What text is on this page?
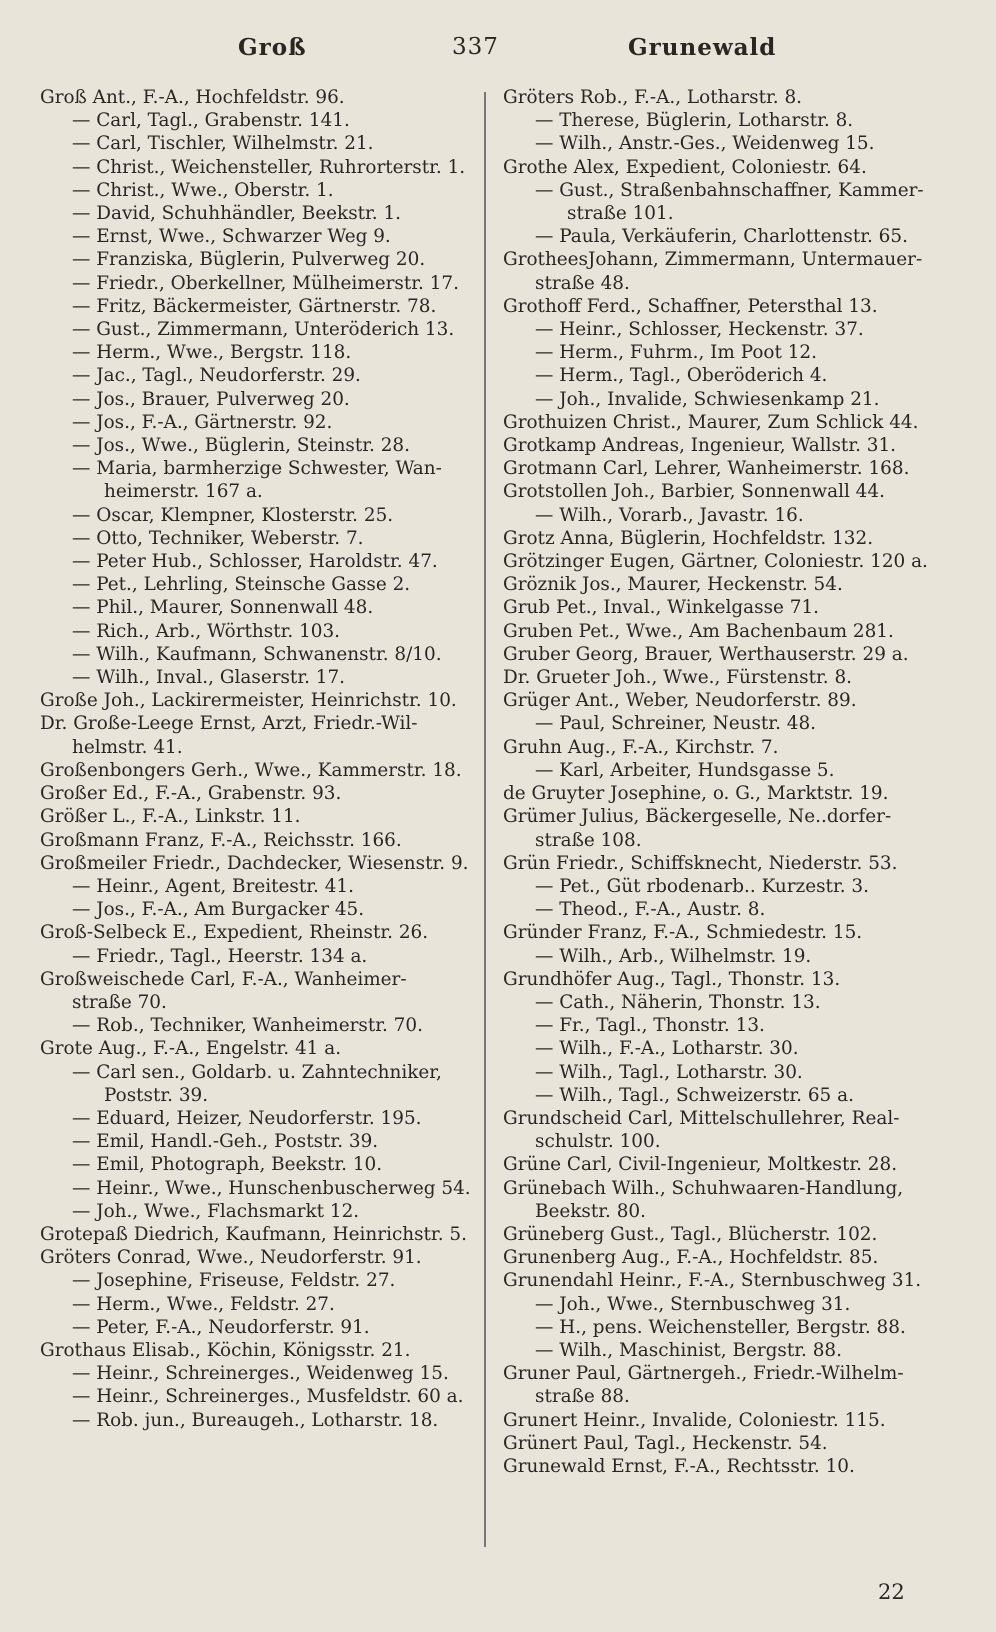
Groß	337	Grunewald

Groß Ant., F.-A., Hochfeldstr. 96.

— Carl, Tagl., Grabenstr. 141.

— Carl, Tischler, Wilhelmstr. 21.

— Christ., Weichensteller, Ruhrorterstr. 1.

— Christ., Wwe., Oberstr. 1.

— David, Schuhhändler, Beekstr. 1.

— Ernst, Wwe., Schwarzer Weg 9.

— Franziska, Büglerin, Pulverweg 20.

— Friedr., Oberkellner, Mülheimerstr. 17.

— Fritz, Bäckermeister, Gärtnerstr. 78.

— Gust., Zimmermann, Unteröderich 13.

— Herm., Wwe., Bergstr. 118.

— Jac., Tagl., Neudorferstr. 29.

— Jos., Brauer, Pulverweg 20.

— Jos., F.-A., Gärtnerstr. 92.

— Jos., Wwe., Büglerin, Steinstr. 28.

— Maria, barmherzige Schwester, Wan-
heimerstr. 167 a.

— Oscar, Klempner, Klosterstr. 25.

— Otto, Techniker, Weberstr. 7.

— Peter Hub., Schlosser, Haroldstr. 47.

— Pet., Lehrling, Steinsche Gasse 2.

— Phil., Maurer, Sonnenwall 48.

— Rich., Arb., Wörthstr. 103.

— Wilh., Kaufmann, Schwanenstr. 8/10.

— Wilh., Inval., Glaserstr. 17.

Große Joh., Lackirermeister, Heinrichstr. 10.

Dr. Große-Leege Ernst, Arzt, Friedr.-Wil-
helmstr. 41.

Großenbongers Gerh., Wwe., Kammerstr. 18.

Großer Ed., F.-A., Grabenstr. 93.

Größer L., F.-A., Linkstr. 11.

Großmann Franz, F.-A., Reichsstr. 166.

Großmeiler Friedr., Dachdecker, Wiesenstr. 9.

— Heinr., Agent, Breitestr. 41.

— Jos., F.-A., Am Burgacker 45.

Groß-Selbeck E., Expedient, Rheinstr. 26.

— Friedr., Tagl., Heerstr. 134 a.

Großweischede Carl, F.-A., Wanheimer-
straße 70.

— Rob., Techniker, Wanheimerstr. 70.

Grote Aug., F.-A., Engelstr. 41 a.

— Carl sen., Goldarb. u. Zahntechniker,
Poststr. 39.

— Eduard, Heizer, Neudorferstr. 195.

— Emil, Handl.-Geh., Poststr. 39.

— Emil, Photograph, Beekstr. 10.

— Heinr., Wwe., Hunschenbuscherweg 54.

— Joh., Wwe., Flachsmarkt 12.

Grotepaß Diedrich, Kaufmann, Heinrichstr. 5.

Gröters Conrad, Wwe., Neudorferstr. 91.

— Josephine, Friseuse, Feldstr. 27.

— Herm., Wwe., Feldstr. 27.

— Peter, F.-A., Neudorferstr. 91.

Grothaus Elisab., Köchin, Königsstr. 21.

— Heinr., Schreinerges., Weidenweg 15.

— Heinr., Schreinerges., Musfeldstr. 60 a.

— Rob. jun., Bureaugeh., Lotharstr. 18.

Gröters Rob., F.-A., Lotharstr. 8.

— Therese, Büglerin, Lotharstr. 8.

— Wilh., Anstr.-Ges., Weidenweg 15.

Grothe Alex, Expedient, Coloniestr. 64.

— Gust., Straßenbahnschaffner, Kammer-
straße 101.

— Paula, Verkäuferin, Charlottenstr. 65.

GrotheesJohann, Zimmermann, Untermauer-
straße 48.

Grothoff Ferd., Schaffner, Petersthal 13.

— Heinr., Schlosser, Heckenstr. 37.

— Herm., Fuhrm., Im Poot 12.

— Herm., Tagl., Oberöderich 4.

— Joh., Invalide, Schwiesenkamp 21.

Grothuizen Christ., Maurer, Zum Schlick 44.

Grotkamp Andreas, Ingenieur, Wallstr. 31.

Grotmann Carl, Lehrer, Wanheimerstr. 168.

Grotstollen Joh., Barbier, Sonnenwall 44.

— Wilh., Vorarb., Javastr. 16.

Grotz Anna, Büglerin, Hochfeldstr. 132.

Grötzinger Eugen, Gärtner, Coloniestr. 120 a.

Gröznik Jos., Maurer, Heckenstr. 54.

Grub Pet., Inval., Winkelgasse 71.

Gruben Pet., Wwe., Am Bachenbaum 281.

Gruber Georg, Brauer, Werthauserstr. 29 a.

Dr. Grueter Joh., Wwe., Fürstenstr. 8.

Grüger Ant., Weber, Neudorferstr. 89.

— Paul, Schreiner, Neustr. 48.

Gruhn Aug., F.-A., Kirchstr. 7.

— Karl, Arbeiter, Hundsgasse 5.

de Gruyter Josephine, o. G., Marktstr. 19.

Grümer Julius, Bäckergeselle, Ne..dorfer-
straße 108.

Grün Friedr., Schiffsknecht, Niederstr. 53.

— Pet., Güt rbodenarb.. Kurzestr. 3.

— Theod., F.-A., Austr. 8.

Gründer Franz, F.-A., Schmiedestr. 15.

— Wilh., Arb., Wilhelmstr. 19.

Grundhöfer Aug., Tagl., Thonstr. 13.

— Cath., Näherin, Thonstr. 13.

— Fr., Tagl., Thonstr. 13.

— Wilh., F.-A., Lotharstr. 30.

— Wilh., Tagl., Lotharstr. 30.

— Wilh., Tagl., Schweizerstr. 65 a.

Grundscheid Carl, Mittelschullehrer, Real-
schulstr. 100.

Grüne Carl, Civil-Ingenieur, Moltkestr. 28.

Grünebach Wilh., Schuhwaaren-Handlung,
Beekstr. 80.

Grüneberg Gust., Tagl., Blücherstr. 102.

Grunenberg Aug., F.-A., Hochfeldstr. 85.

Grunendahl Heinr., F.-A., Sternbuschweg 31.

— Joh., Wwe., Sternbuschweg 31.

— H., pens. Weichensteller, Bergstr. 88.

— Wilh., Maschinist, Bergstr. 88.

Gruner Paul, Gärtnergeh., Friedr.-Wilhelm-
straße 88.

Grunert Heinr., Invalide, Coloniestr. 115.

Grünert Paul, Tagl., Heckenstr. 54.

Grunewald Ernst, F.-A., Rechtsstr. 10.

22
